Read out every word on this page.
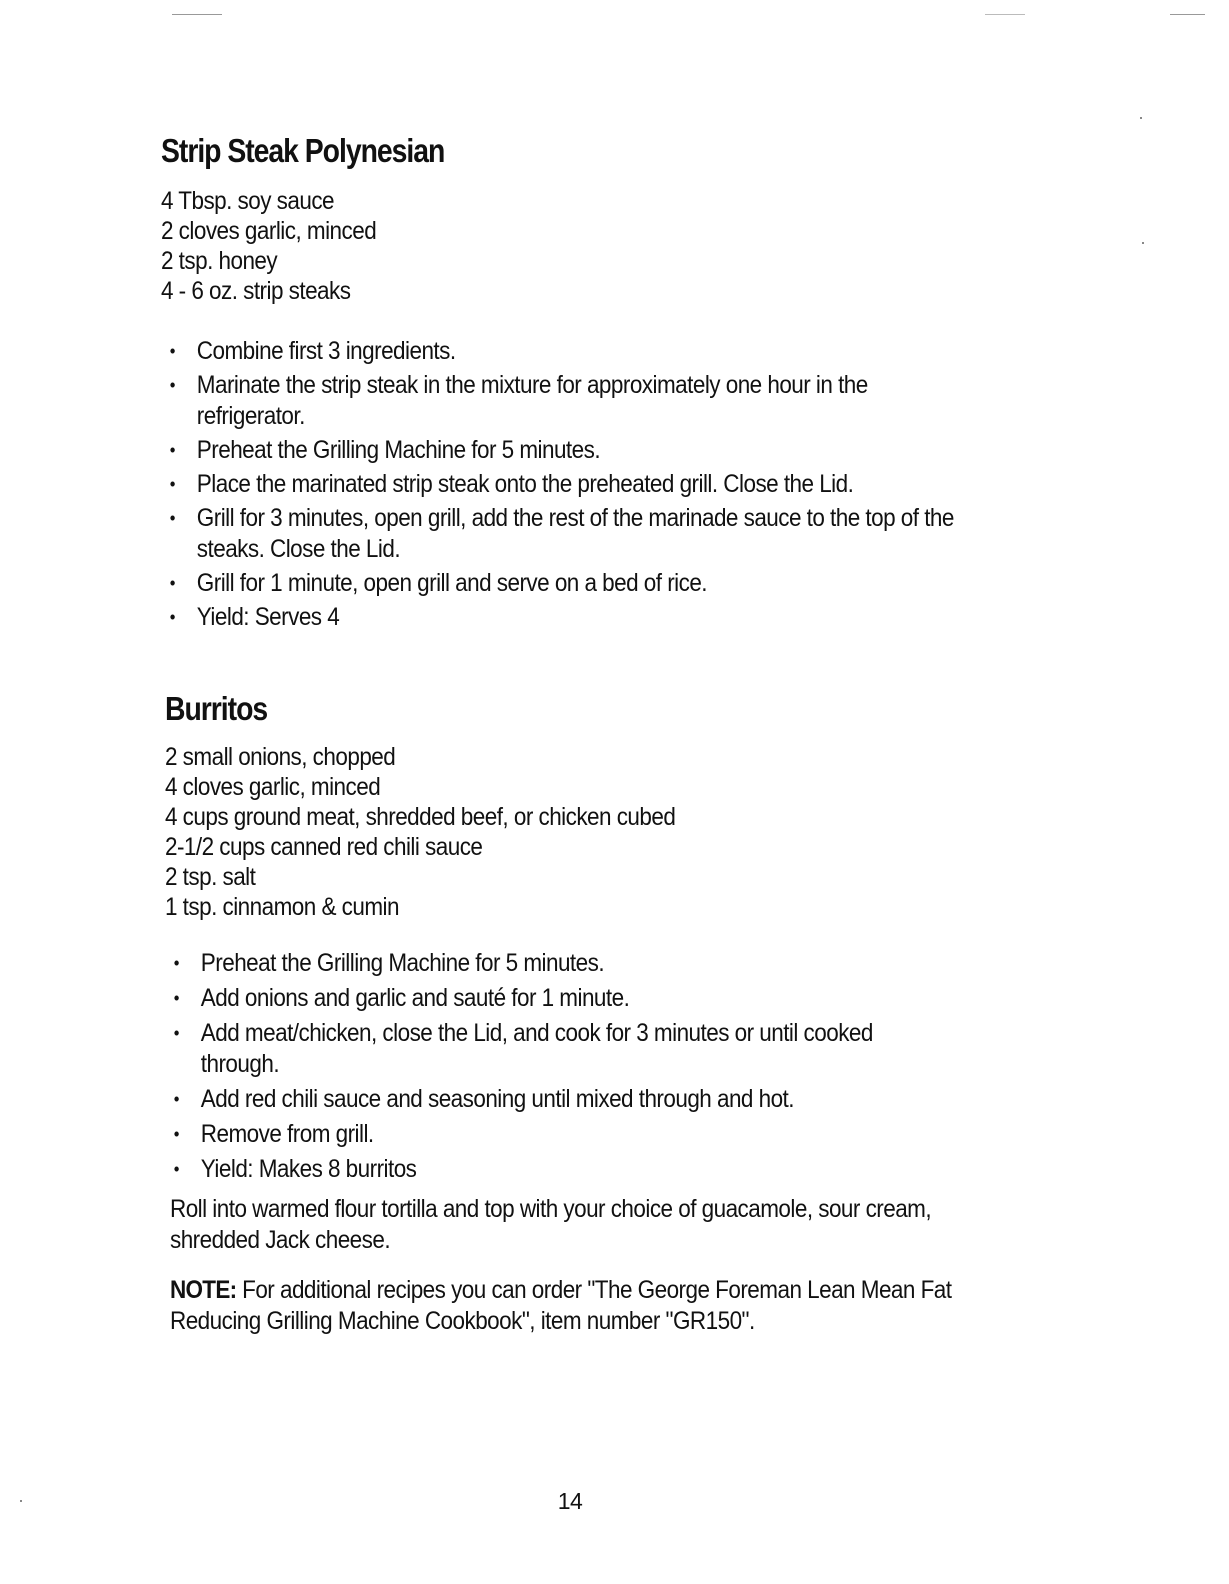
Strip Steak Polynesian
4 Tbsp. soy sauce
2 cloves garlic, minced
2 tsp. honey
4 - 6 oz. strip steaks
• Combine first 3 ingredients.
• Marinate the strip steak in the mixture for approximately one hour in the refrigerator.
• Preheat the Grilling Machine for 5 minutes.
• Place the marinated strip steak onto the preheated grill. Close the Lid.
• Grill for 3 minutes, open grill, add the rest of the marinade sauce to the top of the steaks. Close the Lid.
• Grill for 1 minute, open grill and serve on a bed of rice.
• Yield: Serves 4
Burritos
2 small onions, chopped
4 cloves garlic, minced
4 cups ground meat, shredded beef, or chicken cubed
2-1/2 cups canned red chili sauce
2 tsp. salt
1 tsp. cinnamon & cumin
• Preheat the Grilling Machine for 5 minutes.
• Add onions and garlic and sauté for 1 minute.
• Add meat/chicken, close the Lid, and cook for 3 minutes or until cooked through.
• Add red chili sauce and seasoning until mixed through and hot.
• Remove from grill.
• Yield: Makes 8 burritos

Roll into warmed flour tortilla and top with your choice of guacamole, sour cream, shredded Jack cheese.

NOTE: For additional recipes you can order "The George Foreman Lean Mean Fat Reducing Grilling Machine Cookbook", item number "GR150".

14
